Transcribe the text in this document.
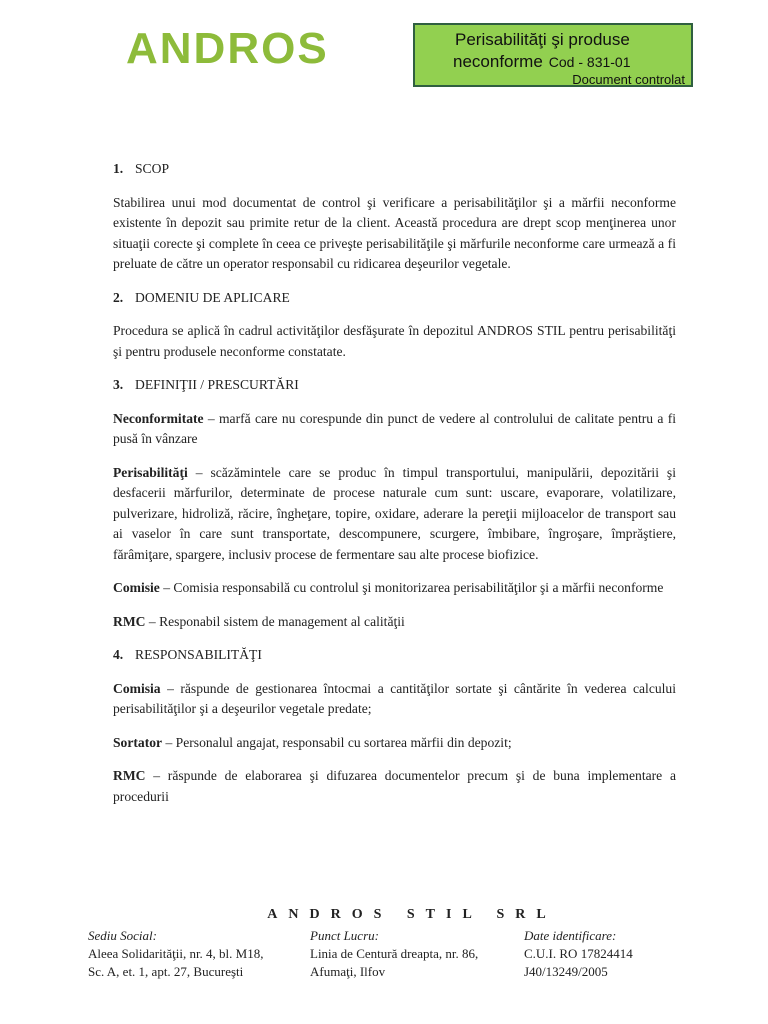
ANDROS	Perisabilităţi şi produse
neconforme Cod - 831-01
Document controlat
1. SCOP

Stabilirea unui mod documentat de control şi verificare a perisabilităţilor şi a mărfii neconforme existente în depozit sau primite retur de la client. Această procedura are drept scop menţinerea unor situaţii corecte şi complete în ceea ce priveşte perisabilităţile şi mărfurile neconforme care urmează a fi preluate de către un operator responsabil cu ridicarea deşeurilor vegetale.

2. DOMENIU DE APLICARE

Procedura se aplică în cadrul activităţilor desfăşurate în depozitul ANDROS STIL pentru perisabilităţi şi pentru produsele neconforme constatate.

3. DEFINIŢII / PRESCURTĂRI

Neconformitate – marfă care nu corespunde din punct de vedere al controlului de calitate pentru a fi pusă în vânzare

Perisabilităţi – scăzămintele care se produc în timpul transportului, manipulării, depozitării şi desfacerii mărfurilor, determinate de procese naturale cum sunt: uscare, evaporare, volatilizare, pulverizare, hidroliză, răcire, îngheţare, topire, oxidare, aderare la pereţii mijloacelor de transport sau ai vaselor în care sunt transportate, descompunere, scurgere, îmbibare, îngroşare, împrăştiere, fărâmiţare, spargere, inclusiv procese de fermentare sau alte procese biofizice.

Comisie – Comisia responsabilă cu controlul şi monitorizarea perisabilităţilor şi a mărfii neconforme

RMC – Responabil sistem de management al calităţii

4. RESPONSABILITĂŢI

Comisia – răspunde de gestionarea întocmai a cantităţilor sortate şi cântărite în vederea calcului perisabilităţilor şi a deşeurilor vegetale predate;

Sortator – Personalul angajat, responsabil cu sortarea mărfii din depozit;

RMC – răspunde de elaborarea şi difuzarea documentelor precum şi de buna implementare a procedurii

ANDROS STIL SRL
Sediu Social:
Aleea Solidarităţii, nr. 4, bl. M18,
Sc. A, et. 1, apt. 27, Bucureşti
Punct Lucru:
Linia de Centură dreapta, nr. 86,
Afumaţi, Ilfov
Date identificare:
C.U.I. RO 17824414
J40/13249/2005
